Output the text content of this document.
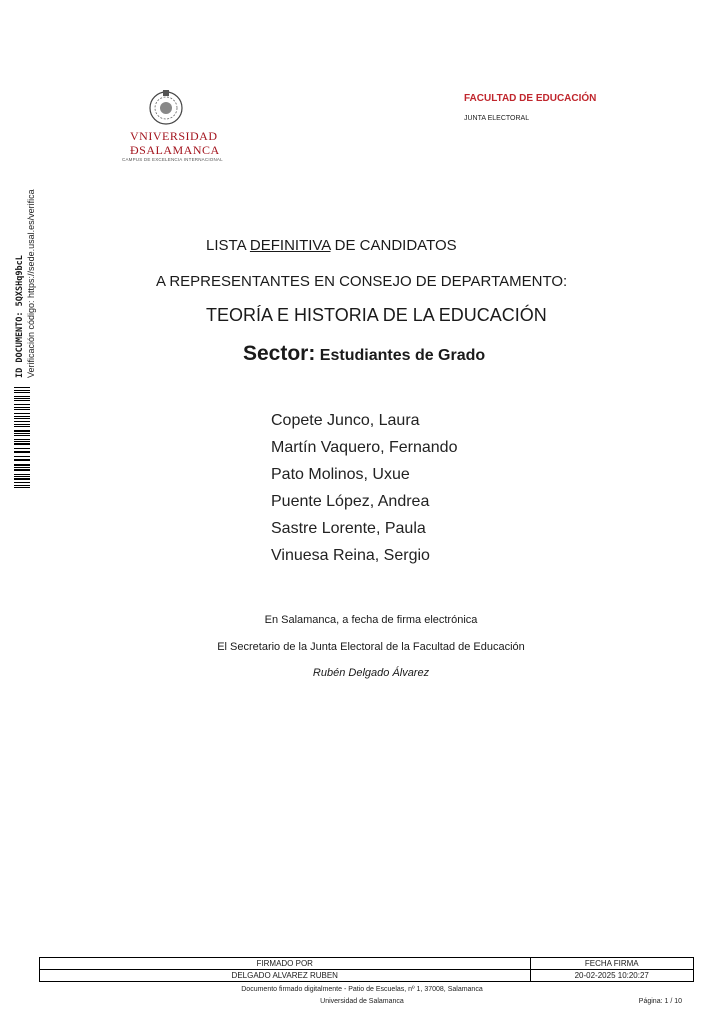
VNIVERSIDAD
ÐSALAMANCA
CAMPUS DE EXCELENCIA INTERNACIONAL
FACULTAD DE EDUCACIÓN
JUNTA ELECTORAL
ID DOCUMENTO: 5QXSHq9bcL Verificación código: https://sede.usal.es/verifica	LISTA DEFINITIVA DE CANDIDATOS
A REPRESENTANTES EN CONSEJO DE DEPARTAMENTO:
TEORÍA E HISTORIA DE LA EDUCACIÓN
Sector: Estudiantes de Grado
Copete Junco, Laura
Martín Vaquero, Fernando
Pato Molinos, Uxue
Puente López, Andrea
Sastre Lorente, Paula
Vinuesa Reina, Sergio
En Salamanca, a fecha de firma electrónica
El Secretario de la Junta Electoral de la Facultad de Educación
Rubén Delgado Álvarez
FIRMADO POR	FECHA FIRMA
DELGADO ALVAREZ RUBEN	20-02-2025 10:20:27
Documento firmado digitalmente - Patio de Escuelas, nº 1, 37008, Salamanca
Universidad de Salamanca	Página: 1 / 10
